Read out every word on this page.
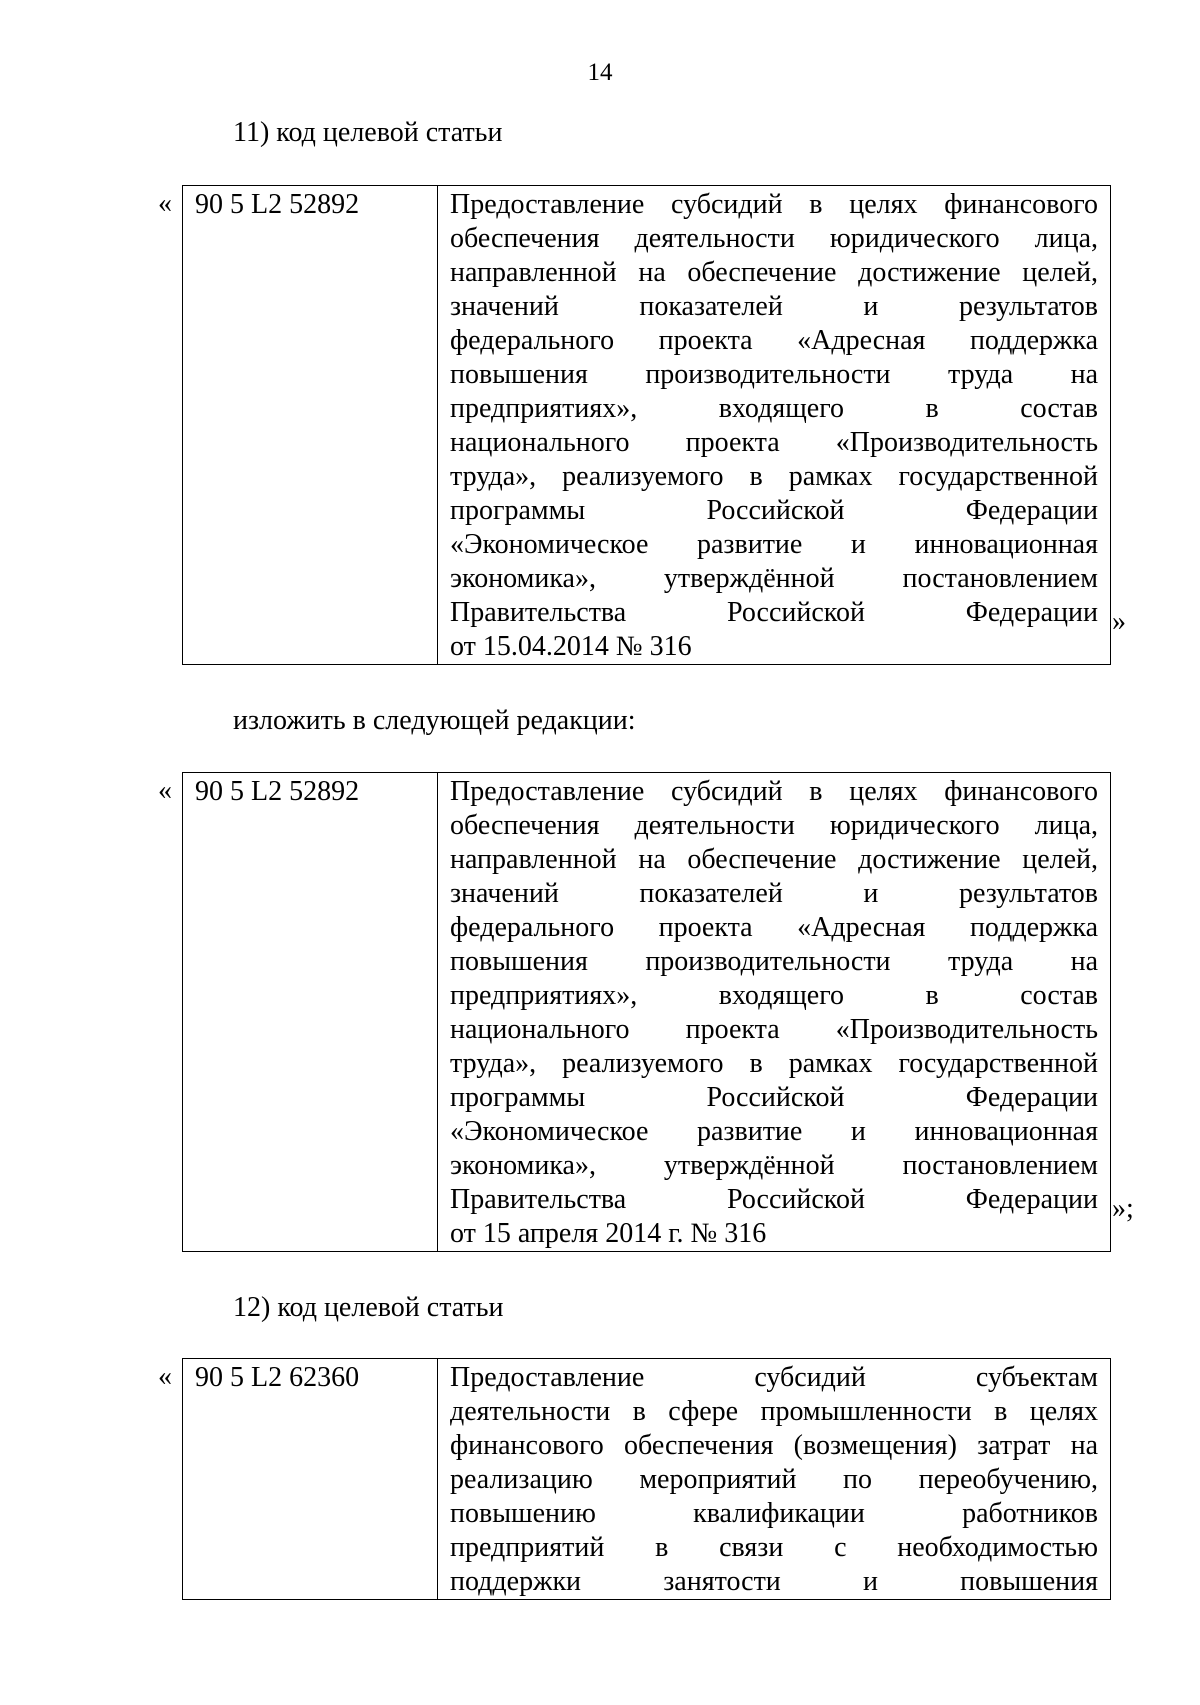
14
11) код целевой статьи
« 90 5 L2 52892	Предоставление субсидий в целях финансового
обеспечения деятельности юридического лица,
направленной на обеспечение достижение целей,
значений показателей и результатов
федерального проекта «Адресная поддержка
повышения производительности труда на
предприятиях», входящего в состав
национального проекта «Производительность
труда», реализуемого в рамках государственной
программы Российской Федерации
«Экономическое развитие и инновационная
экономика», утверждённой постановлением
Правительства Российской Федерации
от 15.04.2014 № 316
»
изложить в следующей редакции:
« 90 5 L2 52892	Предоставление субсидий в целях финансового
обеспечения деятельности юридического лица,
направленной на обеспечение достижение целей,
значений показателей и результатов
федерального проекта «Адресная поддержка
повышения производительности труда на
предприятиях», входящего в состав
национального проекта «Производительность
труда», реализуемого в рамках государственной
программы Российской Федерации
«Экономическое развитие и инновационная
экономика», утверждённой постановлением
Правительства Российской Федерации
от 15 апреля 2014 г. № 316
»;
12) код целевой статьи
« 90 5 L2 62360	Предоставление субсидий субъектам
деятельности в сфере промышленности в целях
финансового обеспечения (возмещения) затрат на
реализацию мероприятий по переобучению,
повышению квалификации работников
предприятий в связи с необходимостью
поддержки занятости и повышения
